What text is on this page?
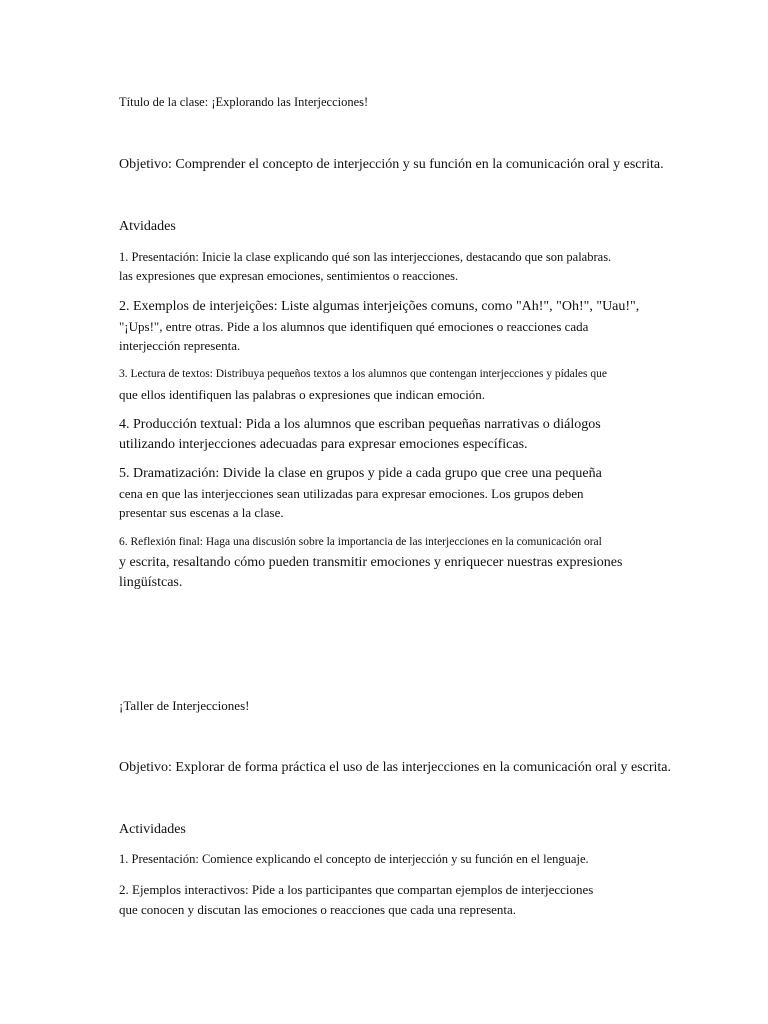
Título de la clase: ¡Explorando las Interjecciones!
Objetivo: Comprender el concepto de interjección y su función en la comunicación oral y escrita.
Atvidades
1. Presentación: Inicie la clase explicando qué son las interjecciones, destacando que son palabras.
las expresiones que expresan emociones, sentimientos o reacciones.
2. Exemplos de interjeições: Liste algumas interjeições comuns, como "Ah!", "Oh!", "Uau!",
"¡Ups!", entre otras. Pide a los alumnos que identifiquen qué emociones o reacciones cada
interjección representa.
3. Lectura de textos: Distribuya pequeños textos a los alumnos que contengan interjecciones y pídales que
que ellos identifiquen las palabras o expresiones que indican emoción.
4. Producción textual: Pida a los alumnos que escriban pequeñas narrativas o diálogos
utilizando interjecciones adecuadas para expresar emociones específicas.
5. Dramatización: Divide la clase en grupos y pide a cada grupo que cree una pequeña
cena en que las interjecciones sean utilizadas para expresar emociones. Los grupos deben
presentar sus escenas a la clase.
6. Reflexión final: Haga una discusión sobre la importancia de las interjecciones en la comunicación oral
y escrita, resaltando cómo pueden transmitir emociones y enriquecer nuestras expresiones
lingüístcas.
¡Taller de Interjecciones!
Objetivo: Explorar de forma práctica el uso de las interjecciones en la comunicación oral y escrita.
Actividades
1. Presentación: Comience explicando el concepto de interjección y su función en el lenguaje.
2. Ejemplos interactivos: Pide a los participantes que compartan ejemplos de interjecciones
que conocen y discutan las emociones o reacciones que cada una representa.
